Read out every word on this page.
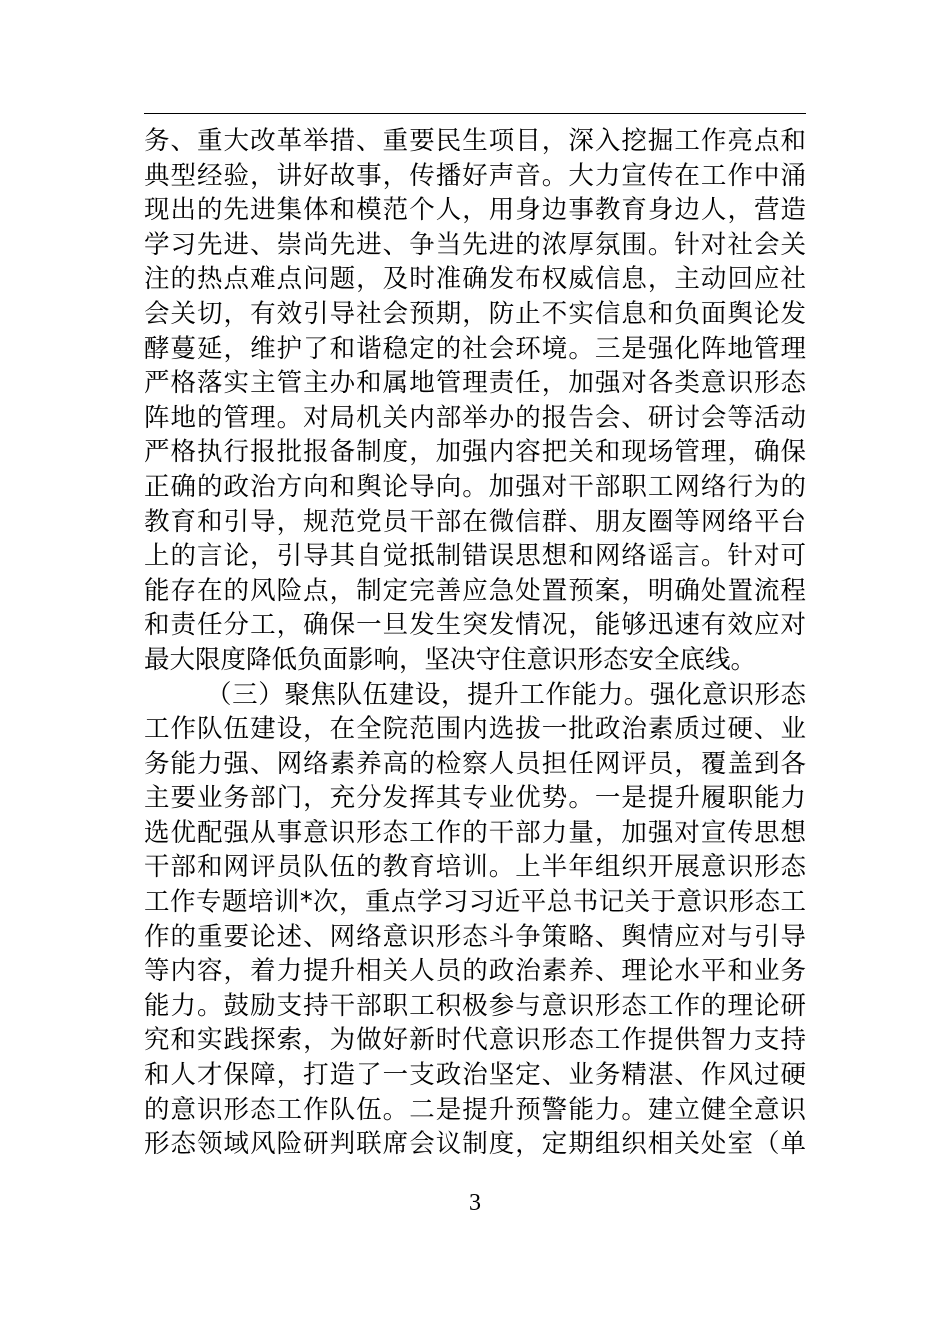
务、重大改革举措、重要民生项目，深入挖掘工作亮点和
典型经验，讲好故事，传播好声音。大力宣传在工作中涌
现出的先进集体和模范个人，用身边事教育身边人，营造
学习先进、崇尚先进、争当先进的浓厚氛围。针对社会关
注的热点难点问题，及时准确发布权威信息，主动回应社
会关切，有效引导社会预期，防止不实信息和负面舆论发
酵蔓延，维护了和谐稳定的社会环境。三是强化阵地管理
严格落实主管主办和属地管理责任，加强对各类意识形态
阵地的管理。对局机关内部举办的报告会、研讨会等活动
严格执行报批报备制度，加强内容把关和现场管理，确保
正确的政治方向和舆论导向。加强对干部职工网络行为的
教育和引导，规范党员干部在微信群、朋友圈等网络平台
上的言论，引导其自觉抵制错误思想和网络谣言。针对可
能存在的风险点，制定完善应急处置预案，明确处置流程
和责任分工，确保一旦发生突发情况，能够迅速有效应对
最大限度降低负面影响，坚决守住意识形态安全底线。
（三）聚焦队伍建设，提升工作能力。强化意识形态
工作队伍建设，在全院范围内选拔一批政治素质过硬、业
务能力强、网络素养高的检察人员担任网评员，覆盖到各
主要业务部门，充分发挥其专业优势。一是提升履职能力
选优配强从事意识形态工作的干部力量，加强对宣传思想
干部和网评员队伍的教育培训。上半年组织开展意识形态
工作专题培训*次，重点学习习近平总书记关于意识形态工
作的重要论述、网络意识形态斗争策略、舆情应对与引导
等内容，着力提升相关人员的政治素养、理论水平和业务
能力。鼓励支持干部职工积极参与意识形态工作的理论研
究和实践探索，为做好新时代意识形态工作提供智力支持
和人才保障，打造了一支政治坚定、业务精湛、作风过硬
的意识形态工作队伍。二是提升预警能力。建立健全意识
形态领域风险研判联席会议制度，定期组织相关处室（单
3
